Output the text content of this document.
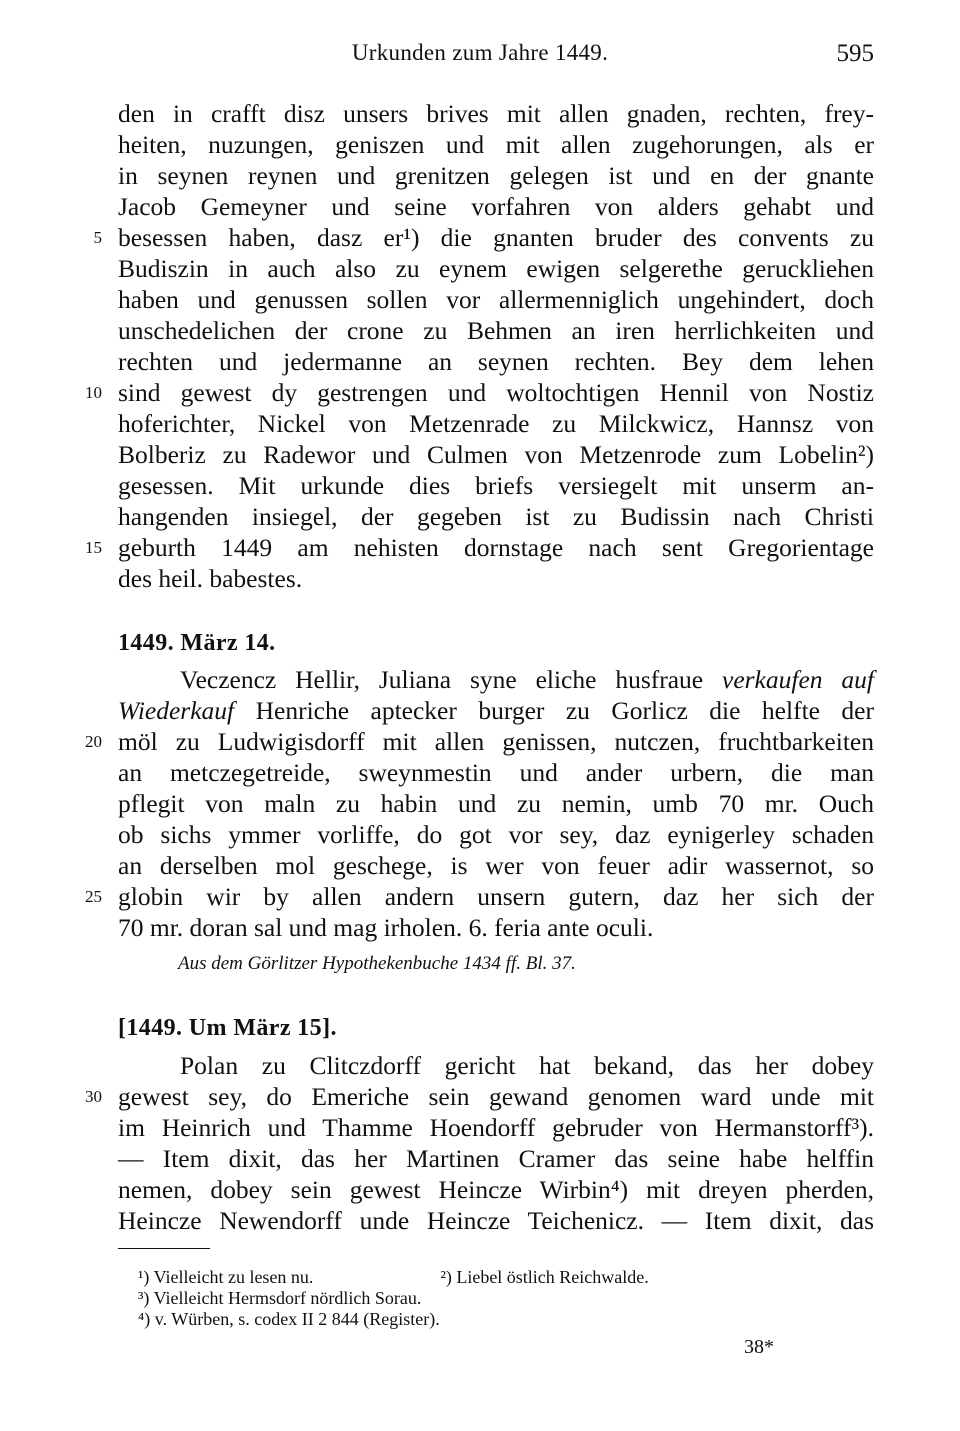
Urkunden zum Jahre 1449.	595
den in crafft disz unsers brives mit allen gnaden, rechten, frey-
heiten, nuzungen, geniszen und mit allen zugehorungen, als er
in seynen reynen und grenitzen gelegen ist und en der gnante
Jacob Gemeyner und seine vorfahren von alders gehabt und
5 besessen haben, dasz er¹) die gnanten bruder des convents zu
Budiszin in auch also zu eynem ewigen selgerethe geruckliehen
haben und genussen sollen vor allermenniglich ungehindert, doch
unschedelichen der crone zu Behmen an iren herrlichkeiten und
rechten und jedermanne an seynen rechten. Bey dem lehen
10 sind gewest dy gestrengen und woltochtigen Hennil von Nostiz
hoferichter, Nickel von Metzenrade zu Milckwicz, Hannsz von
Bolberiz zu Radewor und Culmen von Metzenrode zum Lobelin²)
gesessen. Mit urkunde dies briefs versiegelt mit unserm an-
hangenden insiegel, der gegeben ist zu Budissin nach Christi
15 geburth 1449 am nehisten dornstage nach sent Gregorientage
des heil. babestes.
1449. März 14.
Veczencz Hellir, Juliana syne eliche husfraue verkaufen auf
Wiederkauf Henriche aptecker burger zu Gorlicz die helfte der
20 möl zu Ludwigisdorff mit allen genissen, nutczen, fruchtbarkeiten
an metczegetreide, sweynmestin und ander urbern, die man
pflegit von maln zu habin und zu nemin, umb 70 mr. Ouch
ob sichs ymmer vorliffe, do got vor sey, daz eynigerley schaden
an derselben mol geschege, is wer von feuer adir wassernot, so
25 globin wir by allen andern unsern gutern, daz her sich der
70 mr. doran sal und mag irholen. 6. feria ante oculi.
Aus dem Görlitzer Hypothekenbuche 1434 ff. Bl. 37.
[1449. Um März 15].
Polan zu Clitczdorff gericht hat bekand, das her dobey
30 gewest sey, do Emeriche sein gewand genomen ward unde mit
im Heinrich und Thamme Hoendorff gebruder von Hermanstorff³).
— Item dixit, das her Martinen Cramer das seine habe helffin
nemen, dobey sein gewest Heincze Wirbin⁴) mit dreyen pherden,
Heincze Newendorff unde Heincze Teichenicz. — Item dixit, das
¹) Vielleicht zu lesen nu.	²) Liebel östlich Reichwalde.
³) Vielleicht Hermsdorf nördlich Sorau.
⁴) v. Würben, s. codex II 2 844 (Register).
38*
